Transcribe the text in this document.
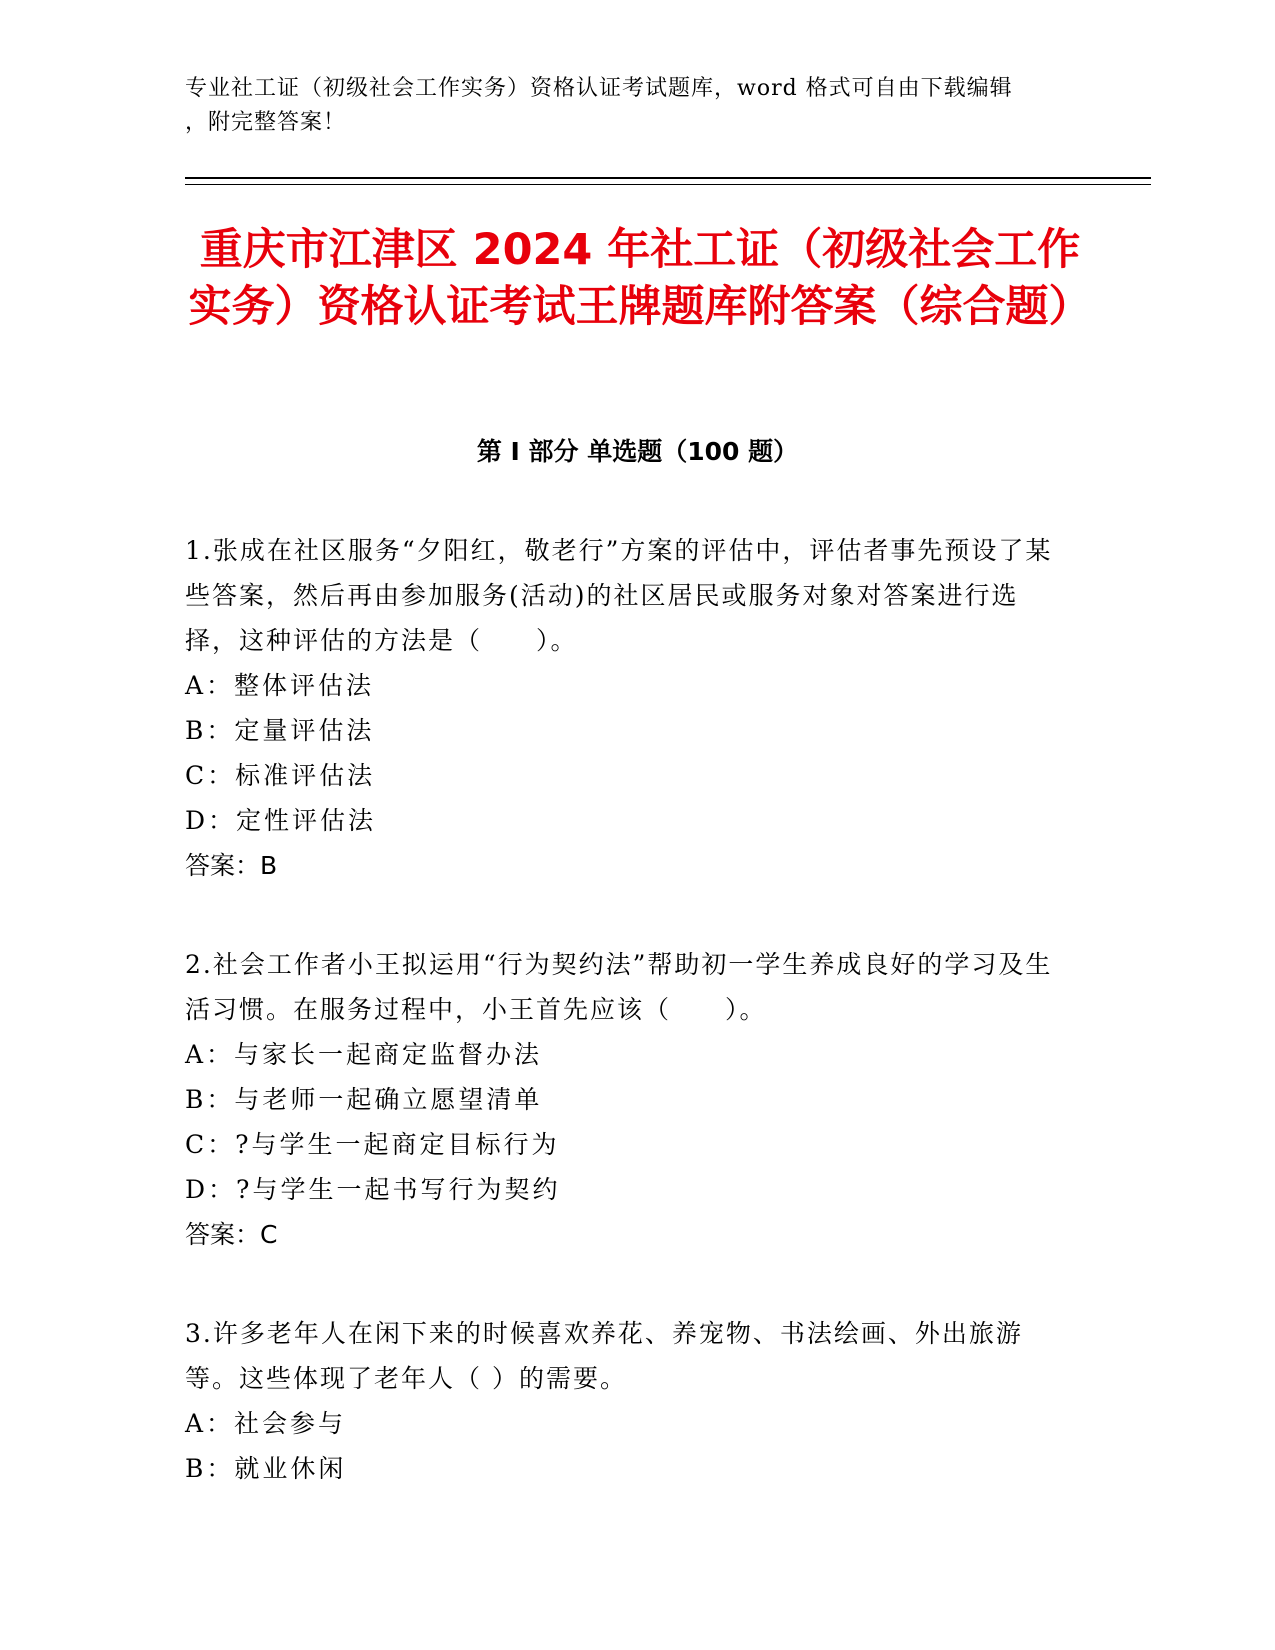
专业社工证（初级社会工作实务）资格认证考试题库，word 格式可自由下载编辑
，附完整答案！
重庆市江津区 2024 年社工证（初级社会工作实务）资格认证考试王牌题库附答案（综合题）
第 I 部分 单选题（100 题）
1.张成在社区服务“夕阳红，敬老行”方案的评估中，评估者事先预设了某些答案，然后再由参加服务(活动)的社区居民或服务对象对答案进行选择，这种评估的方法是（　　）。
A：整体评估法
B：定量评估法
C：标准评估法
D：定性评估法
答案：B
2.社会工作者小王拟运用“行为契约法”帮助初一学生养成良好的学习及生活习惯。在服务过程中，小王首先应该（　　）。
A：与家长一起商定监督办法
B：与老师一起确立愿望清单
C：?与学生一起商定目标行为
D：?与学生一起书写行为契约
答案：C
3.许多老年人在闲下来的时候喜欢养花、养宠物、书法绘画、外出旅游等。这些体现了老年人（ ）的需要。
A：社会参与
B：就业休闲
